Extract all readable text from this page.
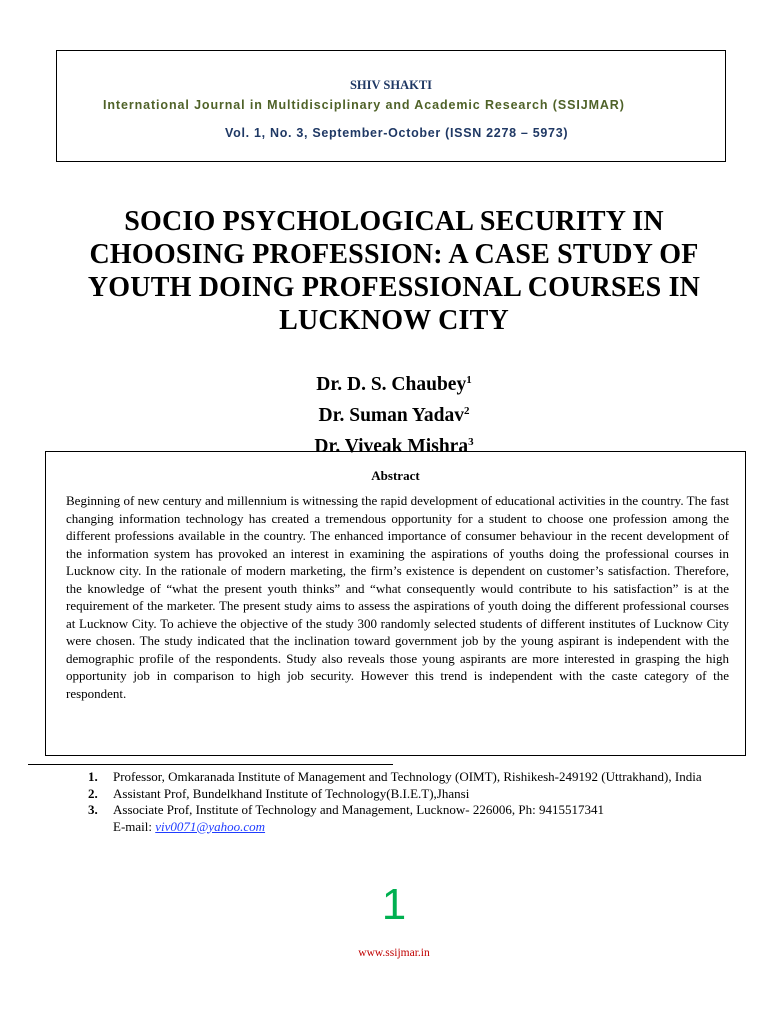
SHIV SHAKTI
International Journal in Multidisciplinary and Academic Research (SSIJMAR)
Vol. 1, No. 3, September-October (ISSN 2278 – 5973)
SOCIO PSYCHOLOGICAL SECURITY IN
CHOOSING PROFESSION: A CASE STUDY OF
YOUTH DOING PROFESSIONAL COURSES IN
LUCKNOW CITY
Dr. D. S. Chaubey$^1$
Dr. Suman Yadav$^2$
Dr. Viveak Mishra$^3$
Abstract
Beginning of new century and millennium is witnessing the rapid development of educational activities in the country. The fast changing information technology has created a tremendous opportunity for a student to choose one profession among the different professions available in the country. The enhanced importance of consumer behaviour in the recent development of the information system has provoked an interest in examining the aspirations of youths doing the professional courses in Lucknow city. In the rationale of modern marketing, the firm’s existence is dependent on customer’s satisfaction. Therefore, the knowledge of “what the present youth thinks” and “what consequently would contribute to his satisfaction” is at the requirement of the marketer. The present study aims to assess the aspirations of youth doing the different professional courses at Lucknow City. To achieve the objective of the study 300 randomly selected students of different institutes of Lucknow City were chosen. The study indicated that the inclination toward government job by the young aspirant is independent with the demographic profile of the respondents. Study also reveals those young aspirants are more interested in grasping the high opportunity job in comparison to high job security. However this trend is independent with the caste category of the respondent.
1.	Professor, Omkaranada Institute of Management and Technology (OIMT), Rishikesh-249192 (Uttrakhand), India
2.	Assistant Prof, Bundelkhand Institute of Technology(B.I.E.T),Jhansi
3.	Associate Prof, Institute of Technology and Management, Lucknow- 226006, Ph: 9415517341
E-mail: viv0071@yahoo.com
1
www.ssijmar.in
